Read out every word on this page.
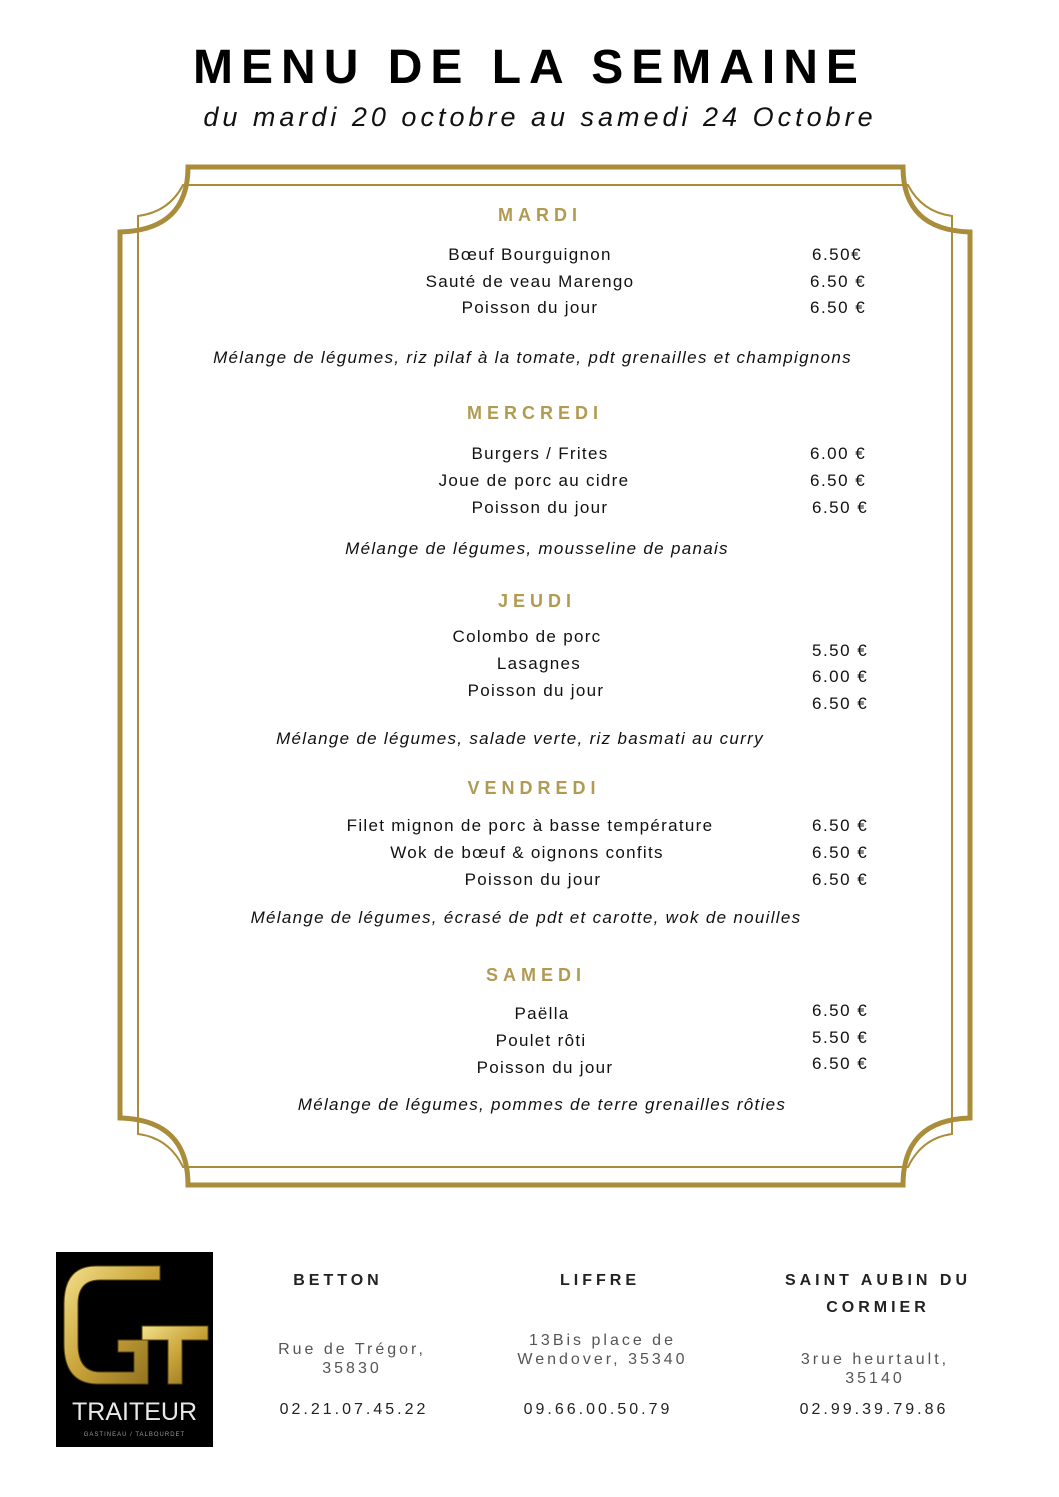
MENU DE LA SEMAINE
du mardi 20 octobre au samedi 24 Octobre
MARDI
Bœuf Bourguignon
Sauté de veau Marengo
Poisson du jour
6.50€
6.50 €
6.50 €
Mélange de légumes, riz pilaf à la tomate, pdt grenailles et champignons
MERCREDI
Burgers / Frites
Joue de porc au cidre
Poisson du jour
6.00 €
6.50 €
6.50 €
Mélange de légumes, mousseline de panais
JEUDI
Colombo de porc
Lasagnes
Poisson du jour
5.50 €
6.00 €
6.50 €
Mélange de légumes, salade verte, riz basmati au curry
VENDREDI
Filet mignon de porc à basse température
Wok de bœuf & oignons confits
Poisson du jour
6.50 €
6.50 €
6.50 €
Mélange de légumes, écrasé de pdt et carotte, wok de nouilles
SAMEDI
Paëlla
Poulet rôti
Poisson du jour
6.50 €
5.50 €
6.50 €
Mélange de légumes, pommes de terre grenailles rôties
TRAITEUR
GASTINEAU / TALBOURDET
BETTON
Rue de Trégor, 35830
02.21.07.45.22
LIFFRE
13Bis place de Wendover, 35340
09.66.00.50.79
SAINT AUBIN DU CORMIER
3rue heurtault, 35140
02.99.39.79.86
